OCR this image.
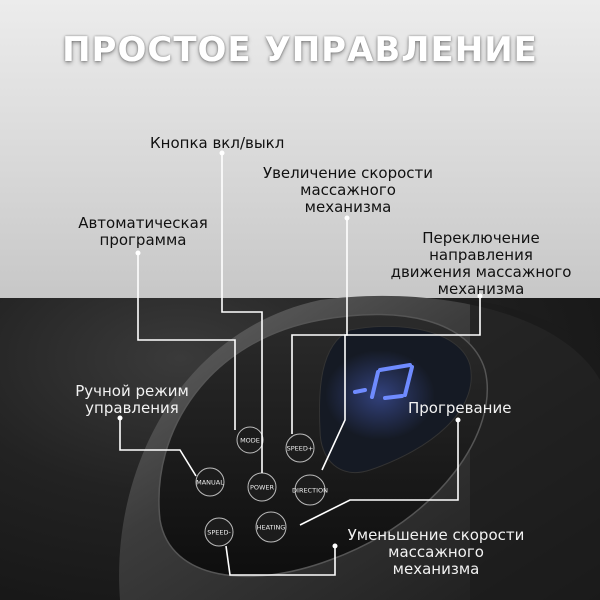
MODE
SPEED+
MANUAL
POWER	DIRECTION
SPEED-
HEATING
ПРОСТОЕ УПРАВЛЕНИЕ
Кнопка вкл/выкл
Увеличение скорости
массажного
механизма
Автоматическая
программа	Переключение
направления
движения массажного
механизма
Ручной режим
управления	Прогревание
Уменьшение скорости
массажного
механизма
